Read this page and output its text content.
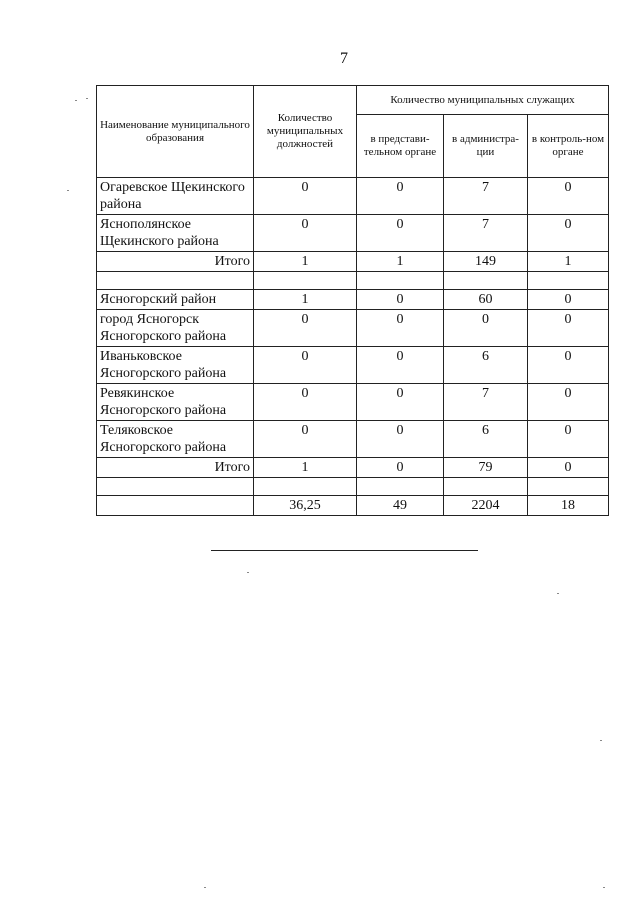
7
Наименование муниципального образования	Количество муниципальных должностей	Количество муниципальных служащих		
		в представи-тельном органе	в администра-ции	в контроль-ном органе
Огаревское Щекинского района	0	0	7	0
Яснополянское Щекинского района	0	0	7	0
Итого	1	1	149	1

Ясногорский район	1	0	60	0
город Ясногорск Ясногорского района	0	0	0	0
Иваньковское Ясногорского района	0	0	6	0
Ревякинское Ясногорского района	0	0	7	0
Теляковское Ясногорского района	0	0	6	0
Итого	1	0	79	0

	36,25	49	2204	18
